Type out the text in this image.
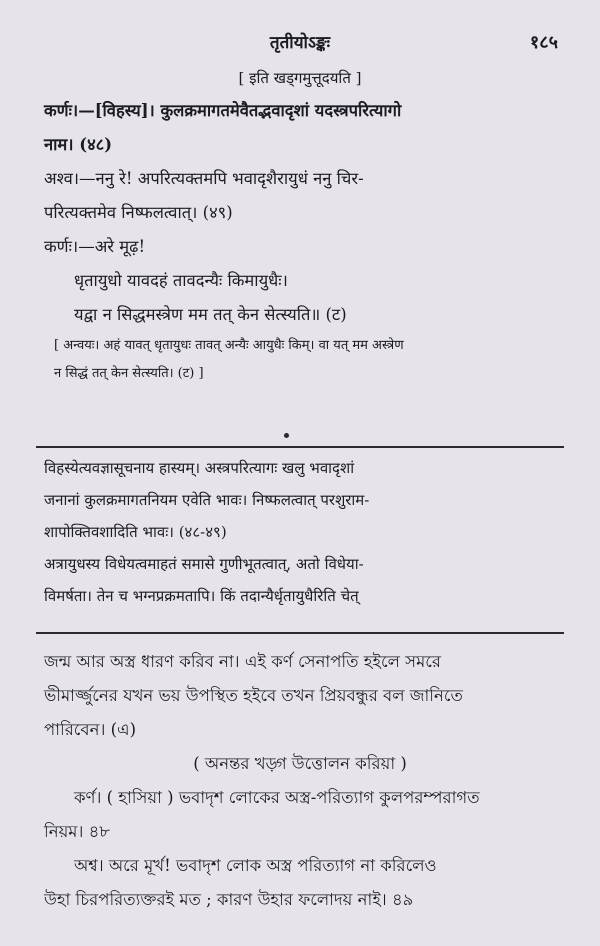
तृतीयोऽङ्कः	१८५
[ इति खड्‌गमुत्तूदयति ]
कर्णः।—[विहस्य]। कुलक्रमागतमेवैतद्भवादृशां यदस्त्रपरित्यागो
नाम। (४८)
अश्व।—ननु रे! अपरित्यक्तमपि भवादृशैरायुधं ननु चिर-
परित्यक्तमेव निष्फलत्वात्। (४९)
कर्णः।—अरे मूढ़!
धृतायुधो यावदहं तावदन्यैः किमायुधैः।
यद्वा न सिद्धमस्त्रेण मम तत् केन सेत्स्यति॥ (ट)
[ अन्वयः। अहं यावत् धृतायुधः तावत् अन्यैः आयुधैः किम्। वा यत् मम अस्त्रेण
न सिद्धं तत् केन सेत्स्यति। (ट) ]
विहस्येत्यवज्ञासूचनाय हास्यम्। अस्त्रपरित्यागः खलु भवादृशां
जनानां कुलक्रमागतनियम एवेति भावः। निष्फलत्वात् परशुराम-
शापोक्तिवशादिति भावः। (४८-४९)
अत्रायुधस्य विधेयत्वमाहतं समासे गुणीभूतत्वात्, अतो विधेया-
विमर्षता। तेन च भग्नप्रक्रमतापि। किं तदान्यैर्धृतायुधैरिति चेत्
জন্ম আর অস্ত্র ধারণ করিব না। এই কর্ণ সেনাপতি হইলে সমরে
ভীমার্জ্জুনের যখন ভয় উপস্থিত হইবে তখন প্রিয়বন্ধুর বল জানিতে
পারিবেন। (এ)
( অনন্তর খড়্গ উত্তোলন করিয়া )
কর্ণ। ( হাসিয়া ) ভবাদৃশ লোকের অস্ত্র-পরিত্যাগ কুলপরম্পরাগত
নিয়ম। ৪৮
অশ্ব। অরে মূর্খ! ভবাদৃশ লোক অস্ত্র পরিত্যাগ না করিলেও
উহা চিরপরিত্যক্তরই মত ; কারণ উহার ফলোদয় নাই। ৪৯
